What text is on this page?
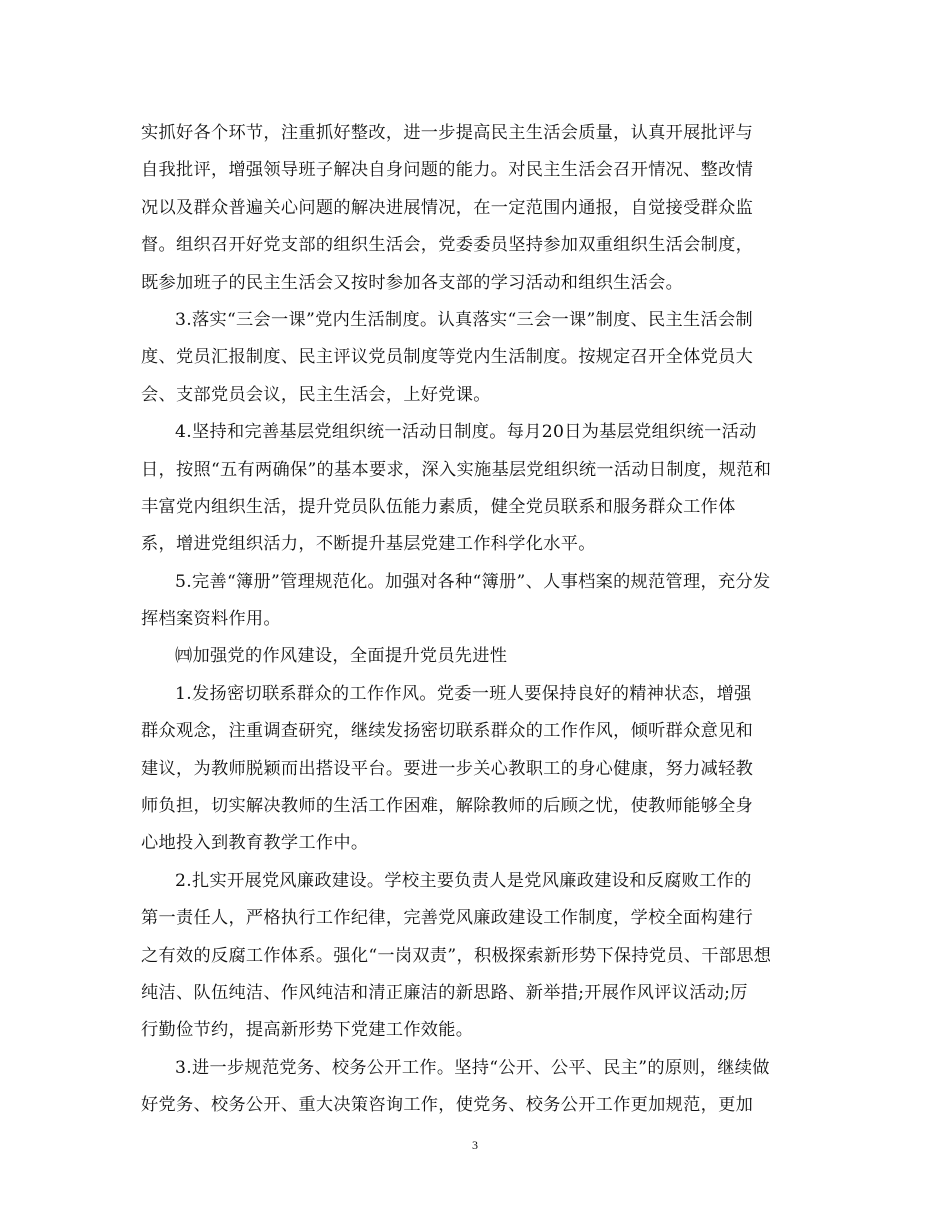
实抓好各个环节，注重抓好整改，进一步提高民主生活会质量，认真开展批评与
自我批评，增强领导班子解决自身问题的能力。对民主生活会召开情况、整改情
况以及群众普遍关心问题的解决进展情况，在一定范围内通报，自觉接受群众监
督。组织召开好党支部的组织生活会，党委委员坚持参加双重组织生活会制度，
既参加班子的民主生活会又按时参加各支部的学习活动和组织生活会。
3.落实“三会一课”党内生活制度。认真落实“三会一课”制度、民主生活会制
度、党员汇报制度、民主评议党员制度等党内生活制度。按规定召开全体党员大
会、支部党员会议，民主生活会，上好党课。
4.坚持和完善基层党组织统一活动日制度。每月20日为基层党组织统一活动
日，按照“五有两确保”的基本要求，深入实施基层党组织统一活动日制度，规范和
丰富党内组织生活，提升党员队伍能力素质，健全党员联系和服务群众工作体
系，增进党组织活力，不断提升基层党建工作科学化水平。
5.完善“簿册”管理规范化。加强对各种“簿册”、人事档案的规范管理，充分发
挥档案资料作用。
㈣加强党的作风建设，全面提升党员先进性
1.发扬密切联系群众的工作作风。党委一班人要保持良好的精神状态，增强
群众观念，注重调查研究，继续发扬密切联系群众的工作作风，倾听群众意见和
建议，为教师脱颖而出搭设平台。要进一步关心教职工的身心健康，努力减轻教
师负担，切实解决教师的生活工作困难，解除教师的后顾之忧，使教师能够全身
心地投入到教育教学工作中。
2.扎实开展党风廉政建设。学校主要负责人是党风廉政建设和反腐败工作的
第一责任人，严格执行工作纪律，完善党风廉政建设工作制度，学校全面构建行
之有效的反腐工作体系。强化“一岗双责”，积极探索新形势下保持党员、干部思想
纯洁、队伍纯洁、作风纯洁和清正廉洁的新思路、新举措;开展作风评议活动;厉
行勤俭节约，提高新形势下党建工作效能。
3.进一步规范党务、校务公开工作。坚持“公开、公平、民主”的原则，继续做
好党务、校务公开、重大决策咨询工作，使党务、校务公开工作更加规范，更加
3
